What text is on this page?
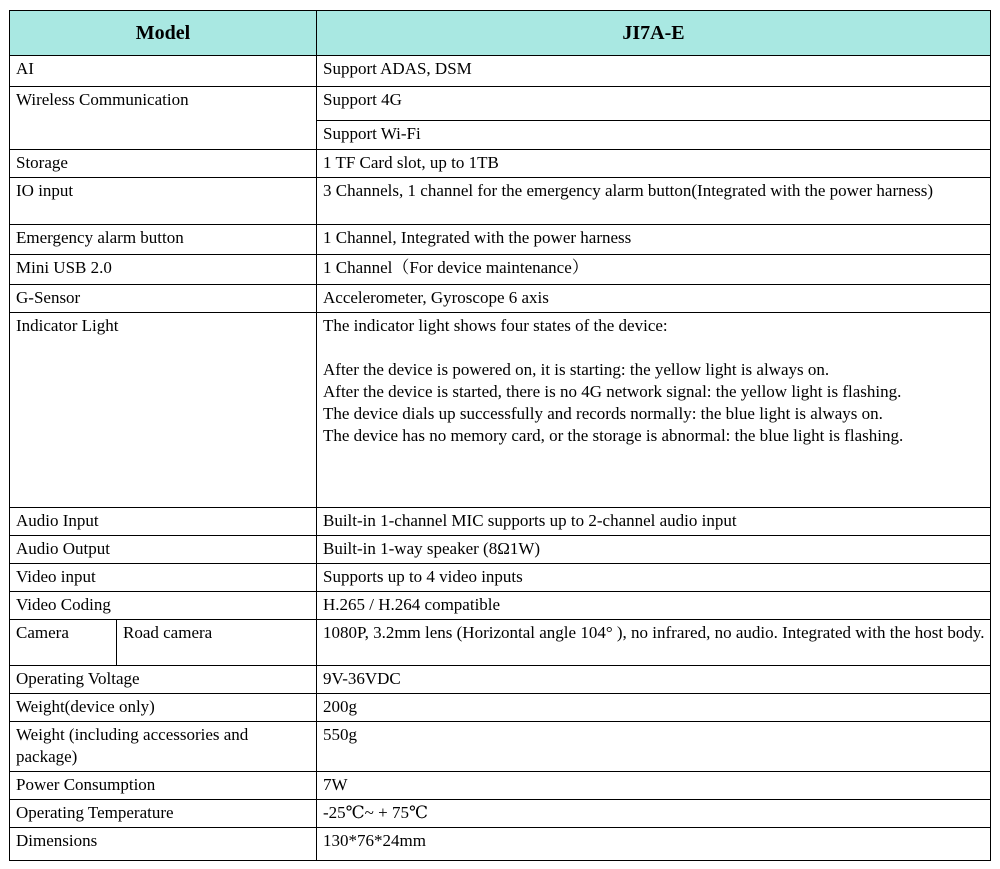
Model		JI7A-E
AI		Support ADAS, DSM
Wireless Communication		Support 4G
		Support Wi-Fi
Storage		1 TF Card slot, up to 1TB
IO input		3 Channels, 1 channel for the emergency alarm button(Integrated with the power harness)
Emergency alarm button		1 Channel, Integrated with the power harness
Mini USB 2.0		1 Channel（For device maintenance）
G-Sensor		Accelerometer, Gyroscope 6 axis
Indicator Light		The indicator light shows four states of the device:
After the device is powered on, it is starting: the yellow light is always on.
After the device is started, there is no 4G network signal: the yellow light is flashing.
The device dials up successfully and records normally: the blue light is always on.
The device has no memory card, or the storage is abnormal: the blue light is flashing.

Audio Input		Built-in 1-channel MIC supports up to 2-channel audio input
Audio Output		Built-in 1-way speaker (8Ω1W)
Video input		Supports up to 4 video inputs
Video Coding		H.265 / H.264 compatible
Camera	Road camera	1080P, 3.2mm lens (Horizontal angle 104° ), no infrared, no audio. Integrated with the host body.
Operating Voltage		9V-36VDC
Weight(device only)		200g
Weight (including accessories and package)		550g
Power Consumption		7W
Operating Temperature		-25℃~ + 75℃
Dimensions		130*76*24mm
